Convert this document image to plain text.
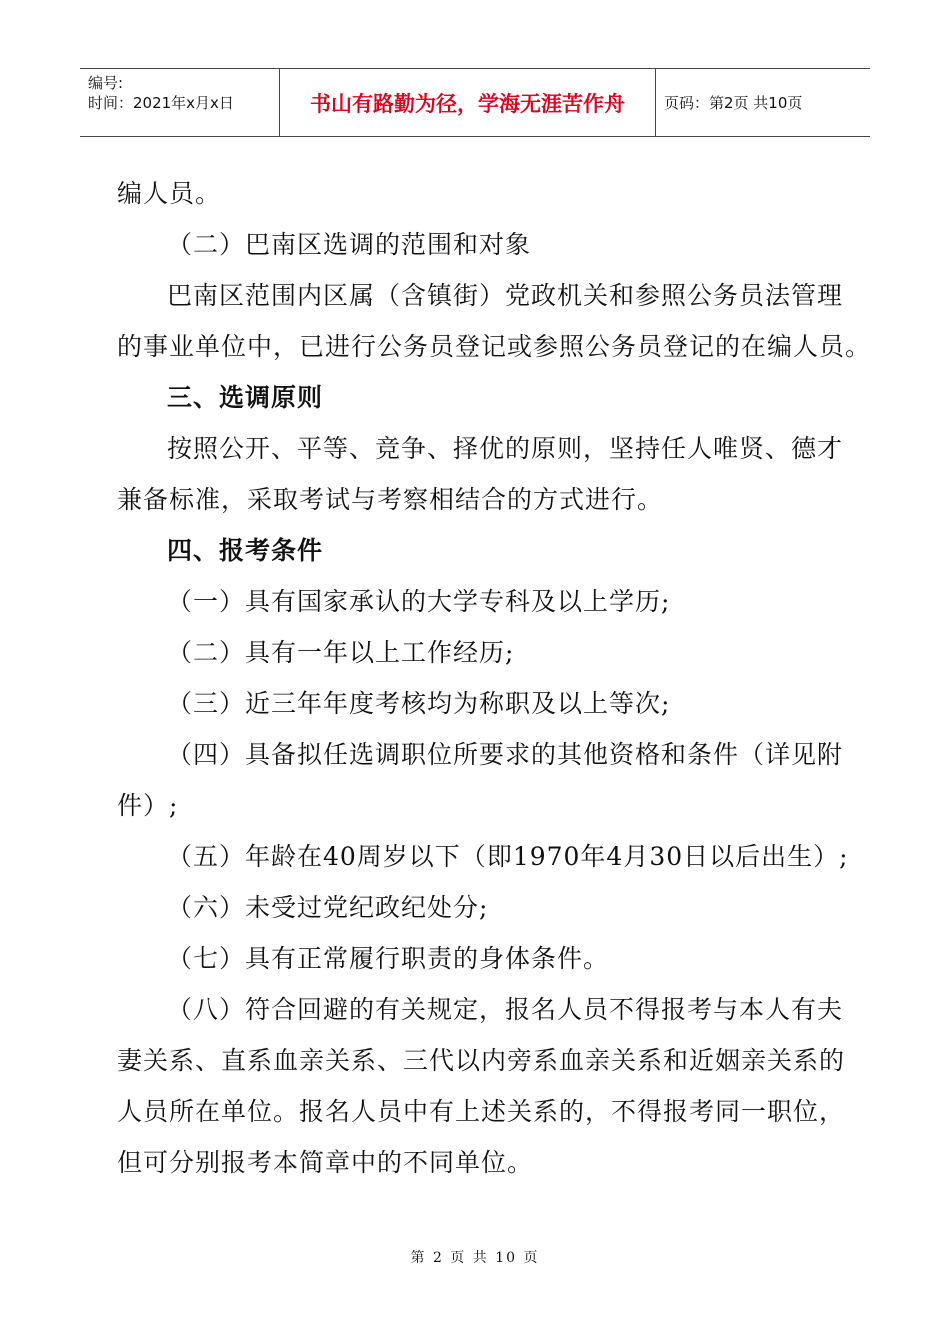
编号:
时间：2021年x月x日	书山有路勤为径，学海无涯苦作舟	页码：第2页 共10页

编人员。

（二）巴南区选调的范围和对象

巴南区范围内区属（含镇街）党政机关和参照公务员法管理

的事业单位中，已进行公务员登记或参照公务员登记的在编人员。

三、选调原则

按照公开、平等、竞争、择优的原则，坚持任人唯贤、德才

兼备标准，采取考试与考察相结合的方式进行。

四、报考条件

（一）具有国家承认的大学专科及以上学历;

（二）具有一年以上工作经历;

（三）近三年年度考核均为称职及以上等次;

（四）具备拟任选调职位所要求的其他资格和条件（详见附

件）;

（五）年龄在40周岁以下（即1970年4月30日以后出生）;

（六）未受过党纪政纪处分;

（七）具有正常履行职责的身体条件。

（八）符合回避的有关规定，报名人员不得报考与本人有夫

妻关系、直系血亲关系、三代以内旁系血亲关系和近姻亲关系的

人员所在单位。报名人员中有上述关系的，不得报考同一职位，

但可分别报考本简章中的不同单位。

第 2 页 共 10 页
